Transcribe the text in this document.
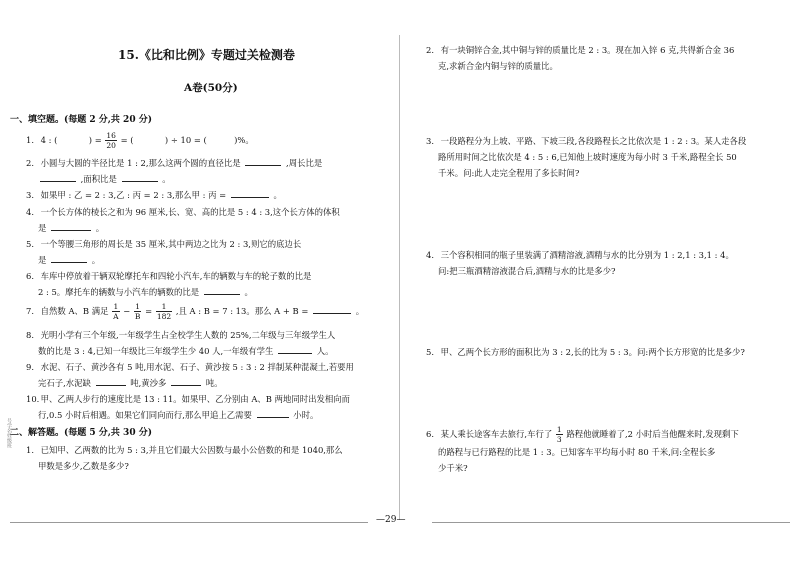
15.《比和比例》专题过关检测卷
A卷(50分)
一、填空题。(每题 2 分,共 20 分)
1. 4 : (	) = $\frac{16}{20}$ = (	) ÷ 10 = (	)%。
2. 小圆与大圆的半径比是 1 : 2,那么这两个圆的直径比是	,周长比是
,面积比是	。
3. 如果甲 : 乙 = 2 : 3,乙 : 丙 = 2 : 3,那么甲 : 丙 =	。
4. 一个长方体的棱长之和为 96 厘米,长、宽、高的比是 5 : 4 : 3,这个长方体的体积
是	。
5. 一个等腰三角形的周长是 35 厘米,其中两边之比为 2 : 3,则它的底边长
是	。
6. 车库中停放着干辆双轮摩托车和四轮小汽车,车的辆数与车的轮子数的比是
2 : 5。摩托车的辆数与小汽车的辆数的比是	。
7. 自然数 A、B 满足 $\frac{1}{A} - \frac{1}{B} = \frac{1}{182}$ ,且 A : B = 7 : 13。那么 A + B =	。
8. 光明小学有三个年级,一年级学生占全校学生人数的 25%,二年级与三年级学生人
数的比是 3 : 4,已知一年级比三年级学生少 40 人,一年级有学生	人。
9. 水泥、石子、黄沙各有 5 吨,用水泥、石子、黄沙按 5 : 3 : 2 拌制某种混凝土,若要用
完石子,水泥缺	吨,黄沙多	吨。
10. 甲、乙两人步行的速度比是 13 : 11。如果甲、乙分别由 A、B 两地同时出发相向而
行,0.5 小时后相遇。如果它们同向而行,那么甲追上乙需要	小时。
二、解答题。(每题 5 分,共 30 分)
1. 已知甲、乙两数的比为 5 : 3,并且它们最大公因数与最小公倍数的和是 1040,那么
甲数是多少,乙数是多少?
2. 有一块铜锌合金,其中铜与锌的质量比是 2 : 3。现在加入锌 6 克,共得新合金 36
克,求新合金内铜与锌的质量比。
3. 一段路程分为上坡、平路、下坡三段,各段路程长之比依次是 1 : 2 : 3。某人走各段
路所用时间之比依次是 4 : 5 : 6,已知他上坡时速度为每小时 3 千米,路程全长 50
千米。问:此人走完全程用了多长时间?
4. 三个容积相同的瓶子里装满了酒精溶液,酒精与水的比分别为 1 : 2,1 : 3,1 : 4。
问:把三瓶酒精溶液混合后,酒精与水的比是多少?
5. 甲、乙两个长方形的面积比为 3 : 2,长的比为 5 : 3。问:两个长方形宽的比是多少?
6. 某人乘长途客车去旅行,车行了 $\frac{1}{3}$ 路程他就睡着了,2 小时后当他醒来时,发现剩下
的路程与已行路程的比是 1 : 3。已知客车平均每小时 80 千米,问:全程长多
少千米?
—29—
号学名姓级班
